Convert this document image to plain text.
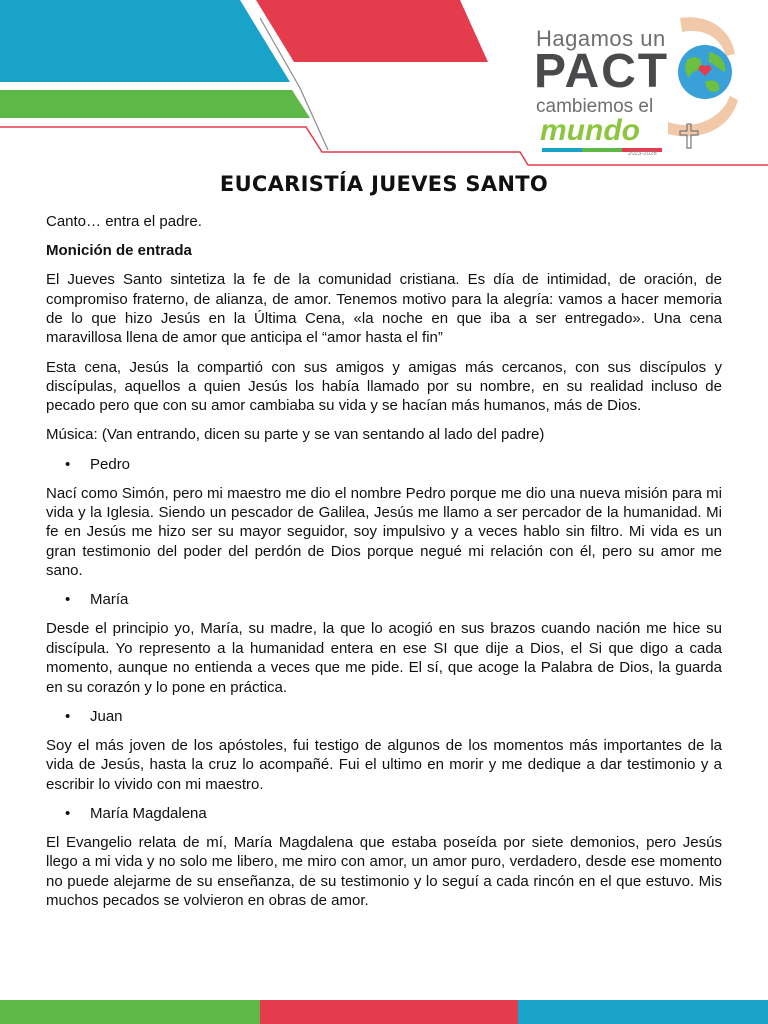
Hagamos un
PACT
cambiemos el
mundo
2023-2026
EUCARISTÍA JUEVES SANTO

Canto… entra el padre.

Monición de entrada

El Jueves Santo sintetiza la fe de la comunidad cristiana. Es día de intimidad, de oración, de compromiso fraterno, de alianza, de amor. Tenemos motivo para la alegría: vamos a hacer memoria de lo que hizo Jesús en la Última Cena, «la noche en que iba a ser entregado». Una cena maravillosa llena de amor que anticipa el “amor hasta el fin”

Esta cena, Jesús la compartió con sus amigos y amigas más cercanos, con sus discípulos y discípulas, aquellos a quien Jesús los había llamado por su nombre, en su realidad incluso de pecado pero que con su amor cambiaba su vida y se hacían más humanos, más de Dios.

Música: (Van entrando, dicen su parte y se van sentando al lado del padre)

•	Pedro

Nací como Simón, pero mi maestro me dio el nombre Pedro porque me dio una nueva misión para mi vida y la Iglesia. Siendo un pescador de Galilea, Jesús me llamo a ser percador de la humanidad. Mi fe en Jesús me hizo ser su mayor seguidor, soy impulsivo y a veces hablo sin filtro. Mi vida es un gran testimonio del poder del perdón de Dios porque negué mi relación con él, pero su amor me sano.

•	María

Desde el principio yo, María, su madre, la que lo acogió en sus brazos cuando nación me hice su discípula. Yo represento a la humanidad entera en ese SI que dije a Dios, el Si que digo a cada momento, aunque no entienda a veces que me pide. El sí, que acoge la Palabra de Dios, la guarda en su corazón y lo pone en práctica.

•	Juan

Soy el más joven de los apóstoles, fui testigo de algunos de los momentos más importantes de la vida de Jesús, hasta la cruz lo acompañé. Fui el ultimo en morir y me dedique a dar testimonio y a escribir lo vivido con mi maestro.

•	María Magdalena

El Evangelio relata de mí, María Magdalena que estaba poseída por siete demonios, pero Jesús llego a mi vida y no solo me libero, me miro con amor, un amor puro, verdadero, desde ese momento no puede alejarme de su enseñanza, de su testimonio y lo seguí a cada rincón en el que estuvo. Mis muchos pecados se volvieron en obras de amor.
